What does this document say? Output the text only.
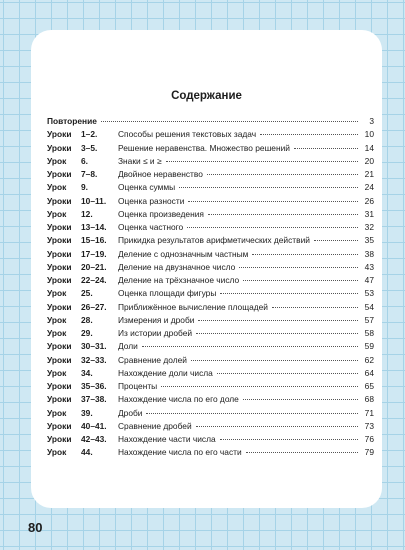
Содержание
Повторение	3
Уроки	1–2. Способы решения текстовых задач	10
Уроки	3–5. Решение неравенства. Множество решений	14
Урок	6.	Знаки ≤ и ≥	20
Уроки	7–8. Двойное неравенство	21
Урок	9.	Оценка суммы	24
Уроки	10–11. Оценка разности	26
Урок	12.	Оценка произведения	31
Уроки	13–14. Оценка частного	32
Уроки	15–16. Прикидка результатов арифметических действий	35
Уроки	17–19. Деление с однозначным частным	38
Уроки	20–21. Деление на двузначное число	43
Уроки	22–24. Деление на трёхзначное число	47
Урок	25.	Оценка площади фигуры	53
Уроки	26–27. Приближённое вычисление площадей	54
Урок	28.	Измерения и дроби	57
Урок	29.	Из истории дробей	58
Уроки	30–31. Доли	59
Уроки	32–33. Сравнение долей	62
Урок	34.	Нахождение доли числа	64
Уроки	35–36. Проценты	65
Уроки	37–38. Нахождение числа по его доле	68
Урок	39.	Дроби	71
Уроки	40–41. Сравнение дробей	73
Уроки	42–43. Нахождение части числа	76
Урок	44.	Нахождение числа по его части	79
80
